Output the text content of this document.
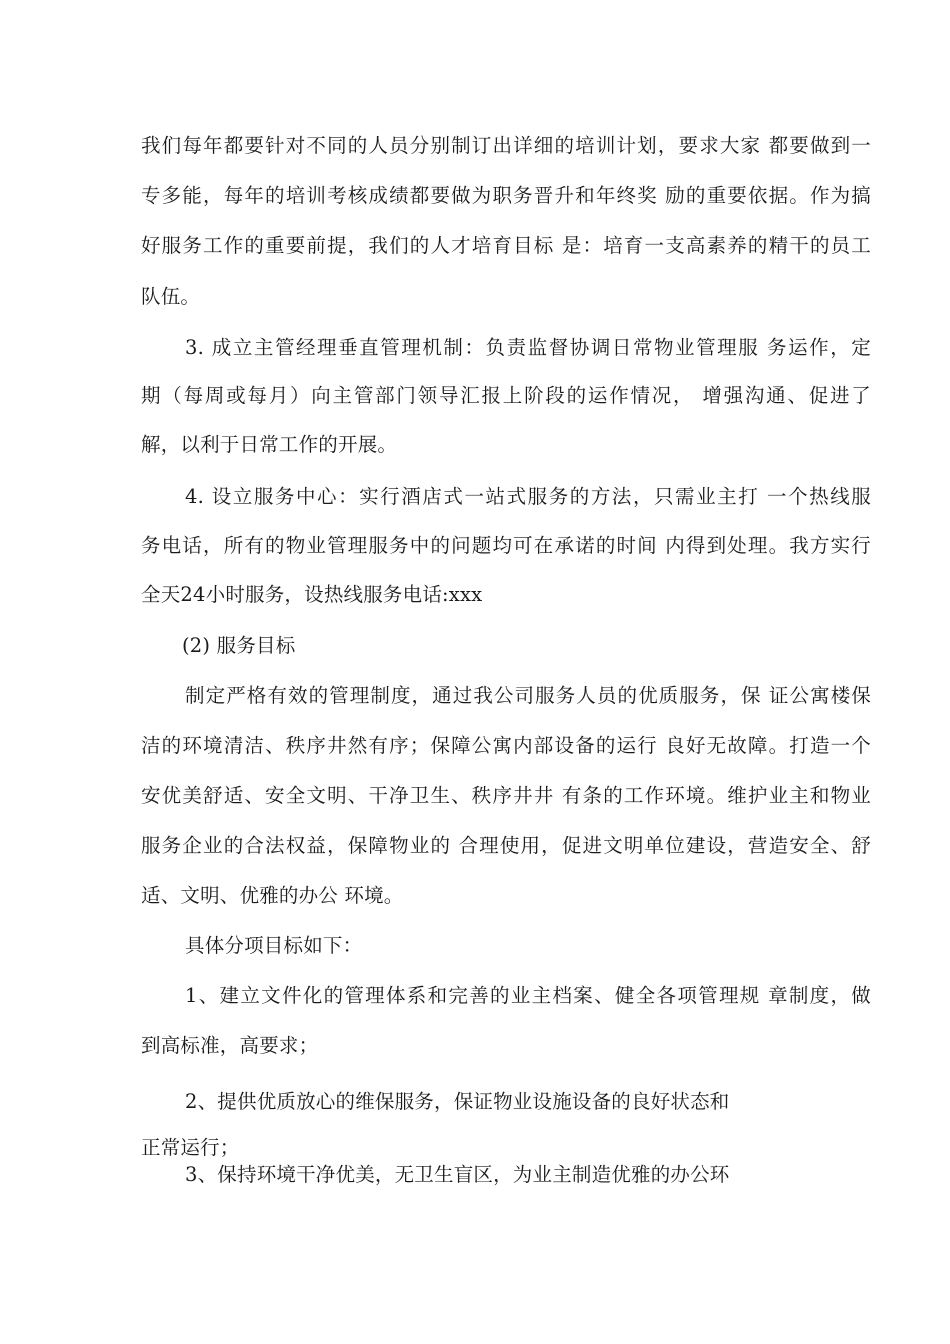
我们每年都要针对不同的人员分别制订出详细的培训计划，要求大家 都要做到一
专多能，每年的培训考核成绩都要做为职务晋升和年终奖 励的重要依据。作为搞
好服务工作的重要前提，我们的人才培育目标 是：培育一支高素养的精干的员工
队伍。
3. 成立主管经理垂直管理机制：负责监督协调日常物业管理服 务运作，定
期（每周或每月）向主管部门领导汇报上阶段的运作情况， 增强沟通、促进了
解，以利于日常工作的开展。
4. 设立服务中心：实行酒店式一站式服务的方法，只需业主打 一个热线服
务电话，所有的物业管理服务中的问题均可在承诺的时间 内得到处理。我方实行
全天24小时服务，设热线服务电话:xxx
(2) 服务目标
制定严格有效的管理制度，通过我公司服务人员的优质服务，保 证公寓楼保
洁的环境清洁、秩序井然有序；保障公寓内部设备的运行 良好无故障。打造一个
安优美舒适、安全文明、干净卫生、秩序井井 有条的工作环境。维护业主和物业
服务企业的合法权益，保障物业的 合理使用，促进文明单位建设，营造安全、舒
适、文明、优雅的办公 环境。
具体分项目标如下：
1、建立文件化的管理体系和完善的业主档案、健全各项管理规 章制度，做
到高标准，高要求；
2、提供优质放心的维保服务，保证物业设施设备的良好状态和
正常运行；
3、保持环境干净优美，无卫生盲区，为业主制造优雅的办公环
